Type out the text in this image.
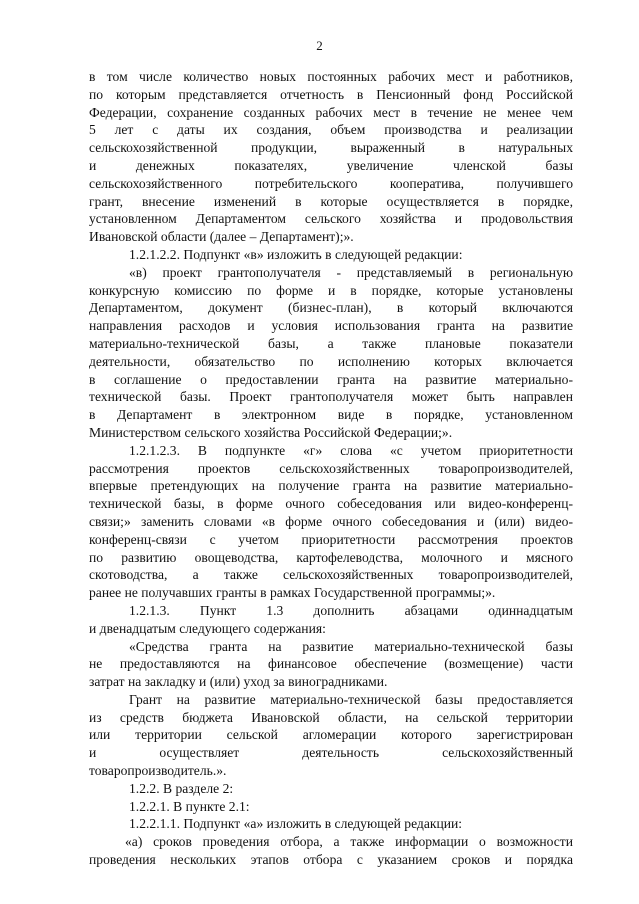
2
в том числе количество новых постоянных рабочих мест и работников,
по которым представляется отчетность в Пенсионный фонд Российской
Федерации, сохранение созданных рабочих мест в течение не менее чем
5 лет с даты их создания, объем производства и реализации
сельскохозяйственной продукции, выраженный в натуральных
и денежных показателях, увеличение членской базы
сельскохозяйственного потребительского кооператива, получившего
грант, внесение изменений в которые осуществляется в порядке,
установленном Департаментом сельского хозяйства и продовольствия
Ивановской области (далее – Департамент);».
1.2.1.2.2. Подпункт «в» изложить в следующей редакции:
«в) проект грантополучателя - представляемый в региональную
конкурсную комиссию по форме и в порядке, которые установлены
Департаментом, документ (бизнес-план), в который включаются
направления расходов и условия использования гранта на развитие
материально-технической базы, а также плановые показатели
деятельности, обязательство по исполнению которых включается
в соглашение о предоставлении гранта на развитие материально-
технической базы. Проект грантополучателя может быть направлен
в Департамент в электронном виде в порядке, установленном
Министерством сельского хозяйства Российской Федерации;».
1.2.1.2.3. В подпункте «г» слова «с учетом приоритетности
рассмотрения проектов сельскохозяйственных товаропроизводителей,
впервые претендующих на получение гранта на развитие материально-
технической базы, в форме очного собеседования или видео-конференц-
связи;» заменить словами «в форме очного собеседования и (или) видео-
конференц-связи с учетом приоритетности рассмотрения проектов
по развитию овощеводства, картофелеводства, молочного и мясного
скотоводства, а также сельскохозяйственных товаропроизводителей,
ранее не получавших гранты в рамках Государственной программы;».
1.2.1.3. Пункт 1.3 дополнить абзацами одиннадцатым
и двенадцатым следующего содержания:
«Средства гранта на развитие материально-технической базы
не предоставляются на финансовое обеспечение (возмещение) части
затрат на закладку и (или) уход за виноградниками.
Грант на развитие материально-технической базы предоставляется
из средств бюджета Ивановской области, на сельской территории
или территории сельской агломерации которого зарегистрирован
и осуществляет деятельность сельскохозяйственный
товаропроизводитель.».
1.2.2. В разделе 2:
1.2.2.1. В пункте 2.1:
1.2.2.1.1. Подпункт «а» изложить в следующей редакции:
«а) сроков проведения отбора, а также информации о возможности
проведения нескольких этапов отбора с указанием сроков и порядка
